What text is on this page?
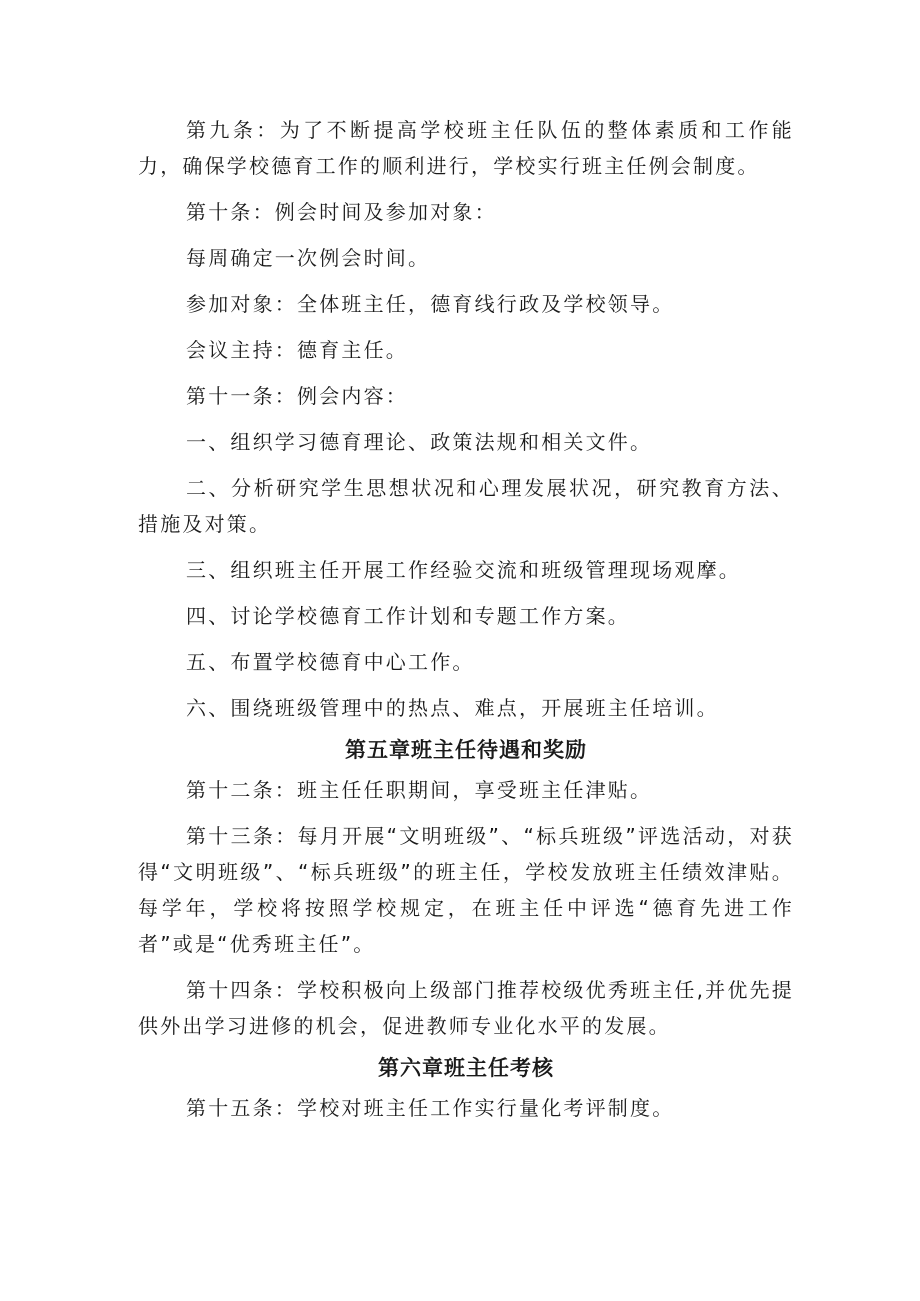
第九条：为了不断提高学校班主任队伍的整体素质和工作能力，确保学校德育工作的顺利进行，学校实行班主任例会制度。

第十条：例会时间及参加对象：

每周确定一次例会时间。

参加对象：全体班主任，德育线行政及学校领导。

会议主持：德育主任。

第十一条：例会内容：

一、组织学习德育理论、政策法规和相关文件。

二、分析研究学生思想状况和心理发展状况，研究教育方法、措施及对策。

三、组织班主任开展工作经验交流和班级管理现场观摩。

四、讨论学校德育工作计划和专题工作方案。

五、布置学校德育中心工作。

六、围绕班级管理中的热点、难点，开展班主任培训。

第五章班主任待遇和奖励

第十二条：班主任任职期间，享受班主任津贴。

第十三条：每月开展“文明班级”、“标兵班级”评选活动，对获得“文明班级”、“标兵班级”的班主任，学校发放班主任绩效津贴。每学年，学校将按照学校规定，在班主任中评选“德育先进工作者”或是“优秀班主任”。

第十四条：学校积极向上级部门推荐校级优秀班主任,并优先提供外出学习进修的机会，促进教师专业化水平的发展。

第六章班主任考核

第十五条：学校对班主任工作实行量化考评制度。
